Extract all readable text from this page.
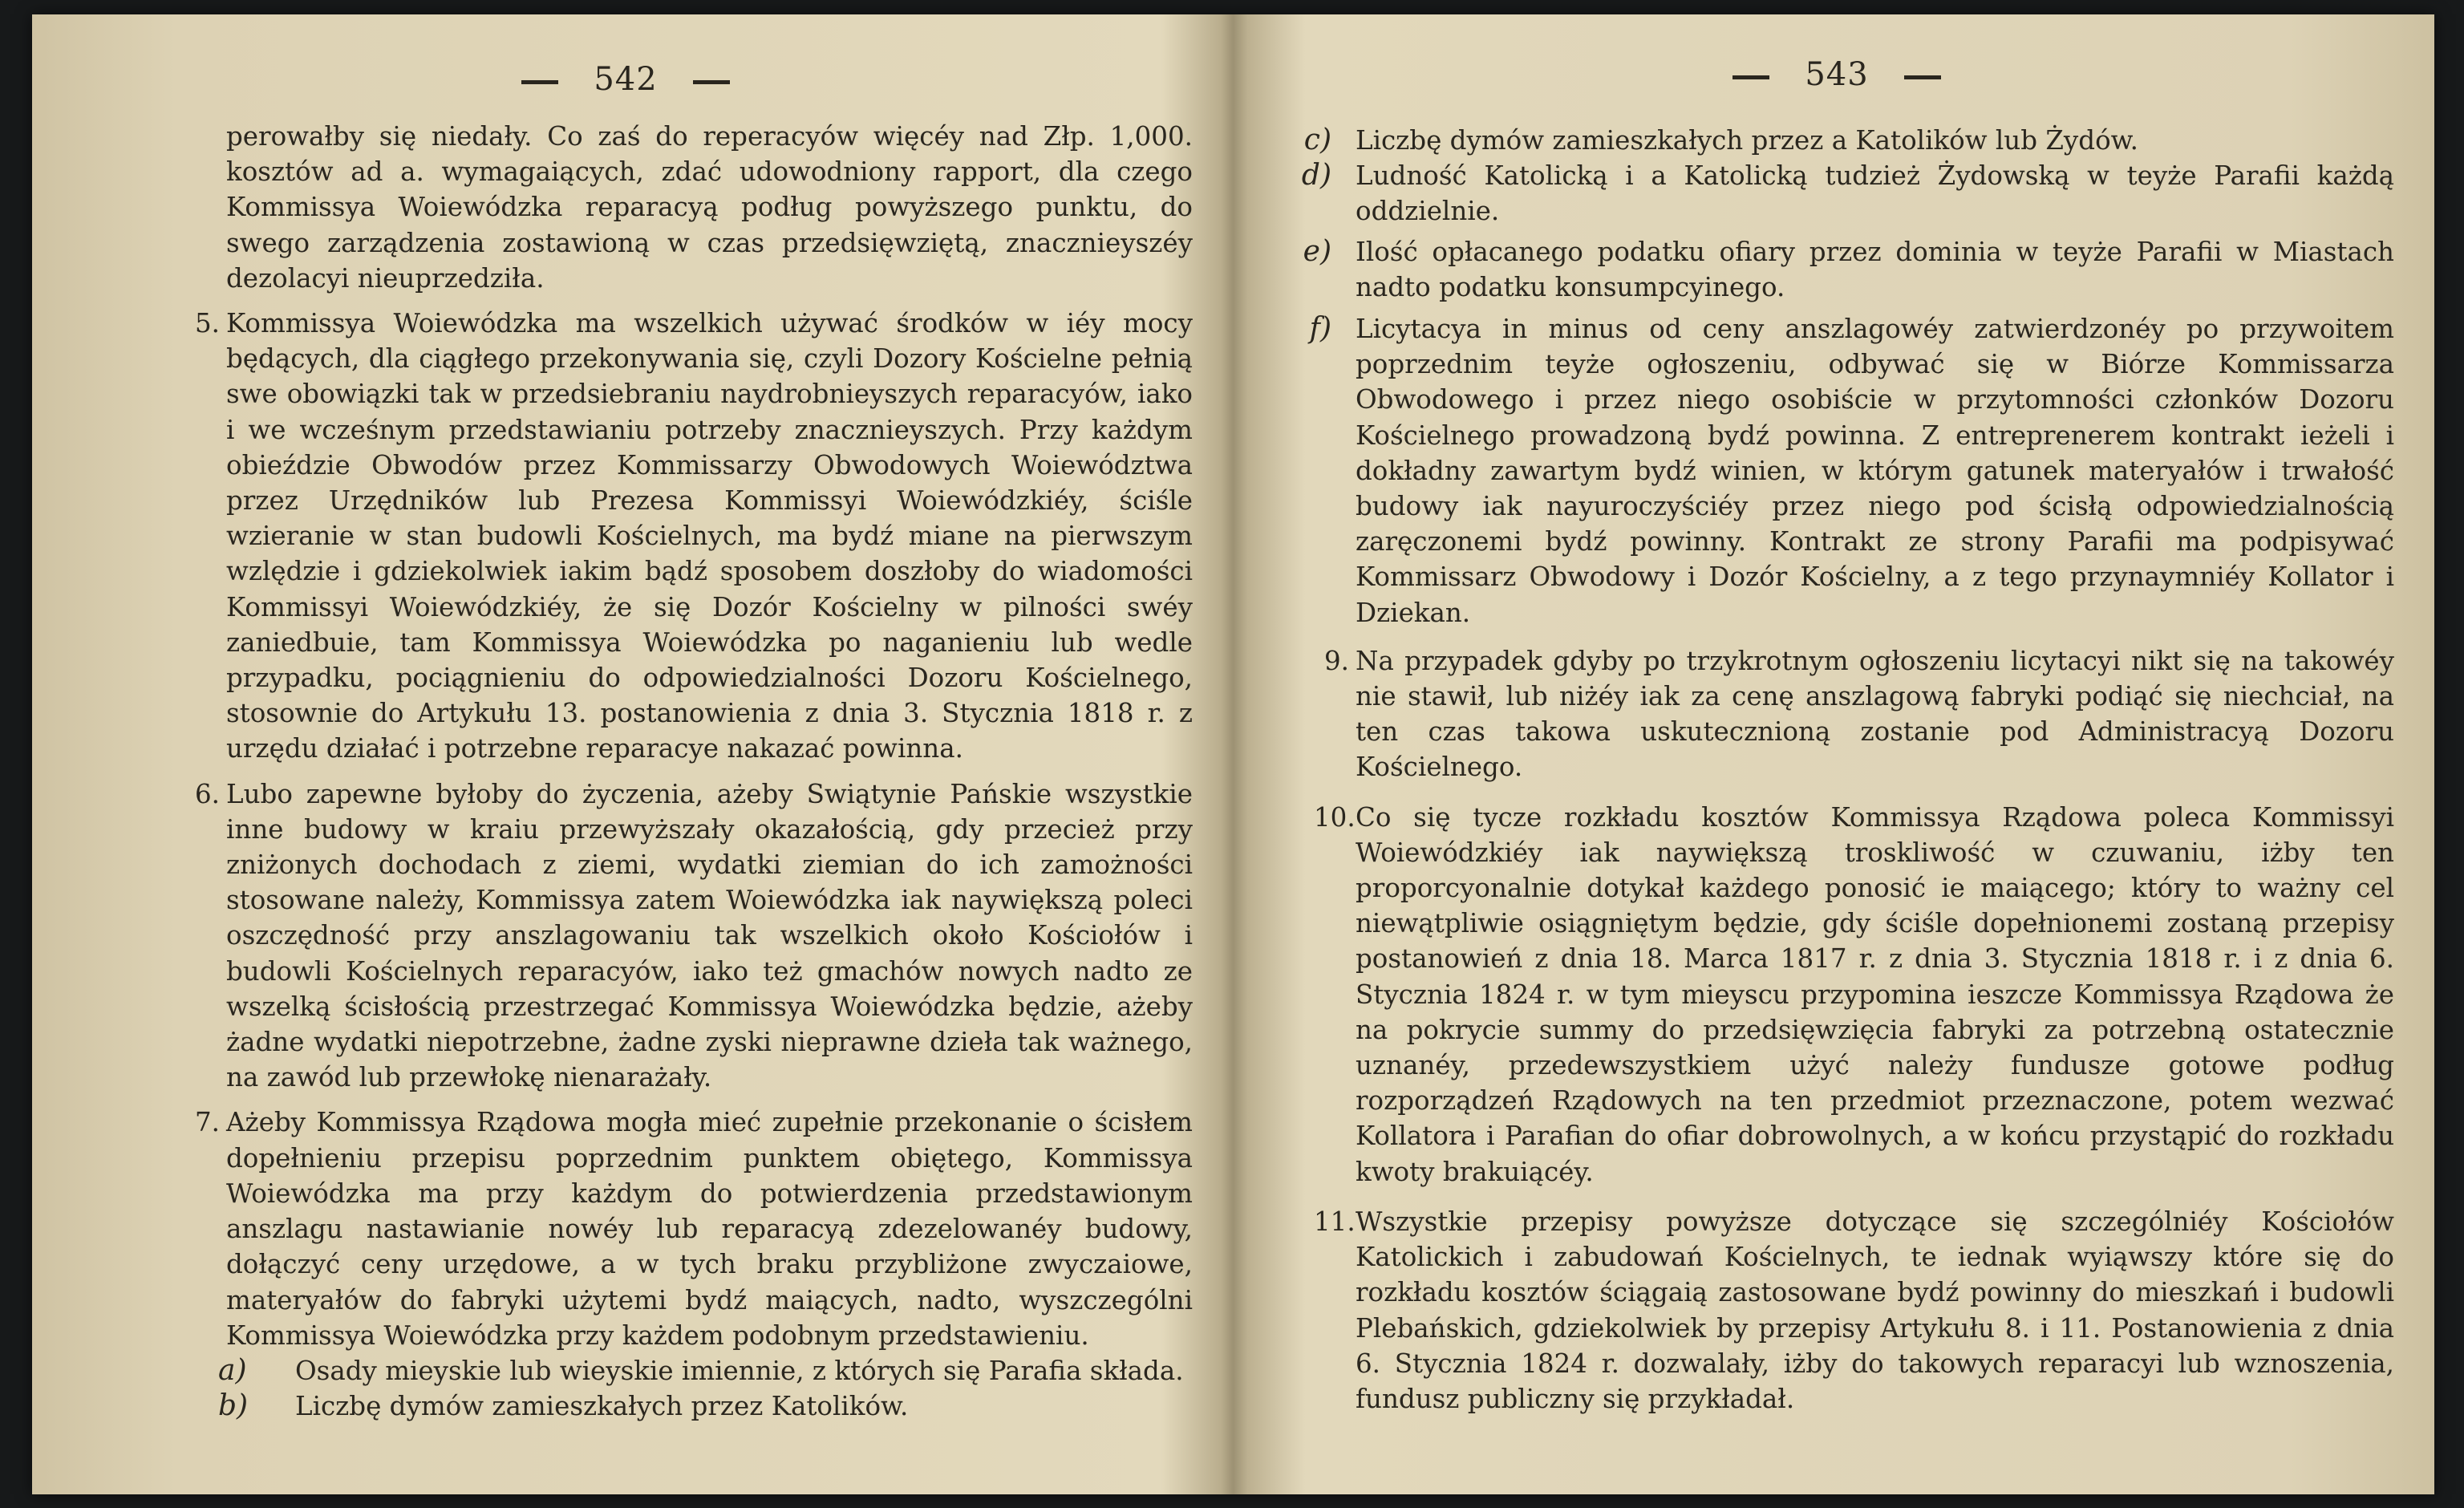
542

perowałby się niedały. Co zaś do reperacyów więcéy nad Złp. 1,000. kosztów ad a. wymagaiących, zdać udowodniony rapport, dla czego Kommissya Woiewódzka reparacyą podług powyższego punktu, do swego zarządzenia zostawioną w czas przedsięwziętą, znacznieyszéy dezolacyi nieuprzedziła.

5. Kommissya Woiewódzka ma wszelkich używać środków w iéy mocy będących, dla ciągłego przekonywania się, czyli Dozory Kościelne pełnią swe obowiązki tak w przedsiebraniu naydrobnieyszych reparacyów, iako i we wcześnym przedstawianiu potrzeby znacznieyszych. Przy każdym obieździe Obwodów przez Kommissarzy Obwodowych Woiewództwa przez Urzędników lub Prezesa Kommissyi Woiewódzkiéy, ściśle wzieranie w stan budowli Kościelnych, ma bydź miane na pierwszym wzlędzie i gdziekolwiek iakim bądź sposobem doszłoby do wiadomości Kommissyi Woiewódzkiéy, że się Dozór Kościelny w pilności swéy zaniedbuie, tam Kommissya Woiewódzka po naganieniu lub wedle przypadku, pociągnieniu do odpowiedzialności Dozoru Kościelnego, stosownie do Artykułu 13. postanowienia z dnia 3. Stycznia 1818 r. z urzędu działać i potrzebne reparacye nakazać powinna.

6. Lubo zapewne byłoby do życzenia, ażeby Swiątynie Pańskie wszystkie inne budowy w kraiu przewyższały okazałością, gdy przecież przy zniżonych dochodach z ziemi, wydatki ziemian do ich zamożności stosowane należy, Kommissya zatem Woiewódzka iak naywiększą poleci oszczędność przy anszlagowaniu tak wszelkich około Kościołów i budowli Kościelnych reparacyów, iako też gmachów nowych nadto ze wszelką ścisłością przestrzegać Kommissya Woiewódzka będzie, ażeby żadne wydatki niepotrzebne, żadne zyski nieprawne dzieła tak ważnego, na zawód lub przewłokę nienarażały.

7. Ażeby Kommissya Rządowa mogła mieć zupełnie przekonanie o ścisłem dopełnieniu przepisu poprzednim punktem obiętego, Kommissya Woiewódzka ma przy każdym do potwierdzenia przedstawionym anszlagu nastawianie nowéy lub reparacyą zdezelowanéy budowy, dołączyć ceny urzędowe, a w tych braku przybliżone zwyczaiowe, materyałów do fabryki użytemi bydź maiących, nadto, wyszczególni Kommissya Woiewódzka przy każdem podobnym przedstawieniu.

a)	Osady mieyskie lub wieyskie imiennie, z których się Parafia składa.

b)	Liczbę dymów zamieszkałych przez Katolików.

543

c) Liczbę dymów zamieszkałych przez a Katolików lub Żydów.

d) Ludność Katolicką i a Katolicką tudzież Żydowską w teyże Parafii każdą oddzielnie.

e) Ilość opłacanego podatku ofiary przez dominia w teyże Parafii w Miastach nadto podatku konsumpcyinego.

f) Licytacya in minus od ceny anszlagowéy zatwierdzonéy po przywoitem poprzednim teyże ogłoszeniu, odbywać się w Biórze Kommissarza Obwodowego i przez niego osobiście w przytomności członków Dozoru Kościelnego prowadzoną bydź powinna. Z entreprenerem kontrakt ieżeli i dokładny zawartym bydź winien, w którym gatunek materyałów i trwałość budowy iak nayuroczyściéy przez niego pod ścisłą odpowiedzialnością zaręczonemi bydź powinny. Kontrakt ze strony Parafii ma podpisywać Kommissarz Obwodowy i Dozór Kościelny, a z tego przynaymniéy Kollator i Dziekan.

9. Na przypadek gdyby po trzykrotnym ogłoszeniu licytacyi nikt się na takowéy nie stawił, lub niżéy iak za cenę anszlagową fabryki podiąć się niechciał, na ten czas takowa uskutecznioną zostanie pod Administracyą Dozoru Kościelnego.

10. Co się tycze rozkładu kosztów Kommissya Rządowa poleca Kommissyi Woiewódzkiéy iak naywiększą troskliwość w czuwaniu, iżby ten proporcyonalnie dotykał każdego ponosić ie maiącego; który to ważny cel niewątpliwie osiągniętym będzie, gdy ściśle dopełnionemi zostaną przepisy postanowień z dnia 18. Marca 1817 r. z dnia 3. Stycznia 1818 r. i z dnia 6. Stycznia 1824 r. w tym mieyscu przypomina ieszcze Kommissya Rządowa że na pokrycie summy do przedsięwzięcia fabryki za potrzebną ostatecznie uznanéy, przedewszystkiem użyć należy fundusze gotowe podług rozporządzeń Rządowych na ten przedmiot przeznaczone, potem wezwać Kollatora i Parafian do ofiar dobrowolnych, a w końcu przystąpić do rozkładu kwoty brakuiącéy.

11. Wszystkie przepisy powyższe dotyczące się szczególniéy Kościołów Katolickich i zabudowań Kościelnych, te iednak wyiąwszy które się do rozkładu kosztów ściągaią zastosowane bydź powinny do mieszkań i budowli Plebańskich, gdziekolwiek by przepisy Artykułu 8. i 11. Postanowienia z dnia 6. Stycznia 1824 r. dozwalały, iżby do takowych reparacyi lub wznoszenia, fundusz publiczny się przykładał.
